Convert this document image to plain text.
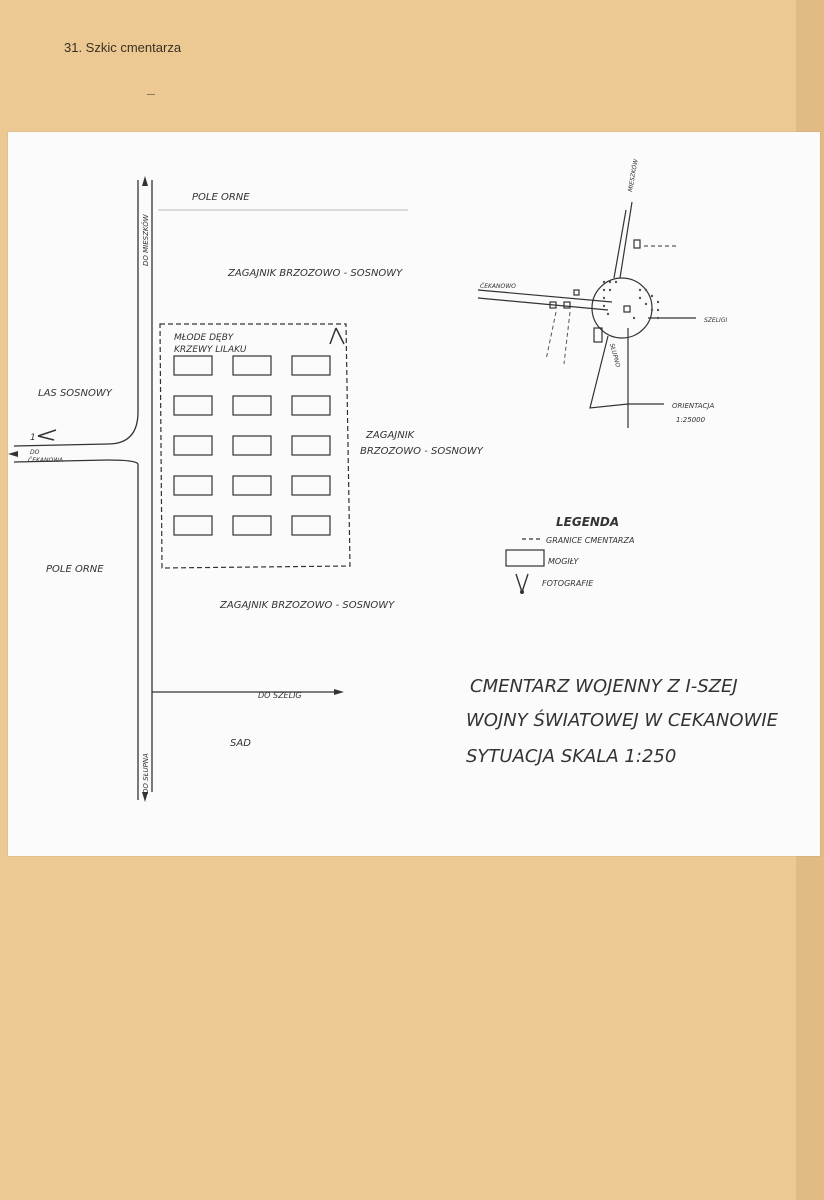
31. Szkic cmentarza
POLE ORNE
ZAGAJNIK BRZOZOWO - SOSNOWY
MŁODE DĘBY
KRZEWY LILAKU
LAS SOSNOWY
1
DO
ĆEKANOWA
ZAGAJNIK
BRZOZOWO - SOSNOWY
POLE ORNE
ZAGAJNIK BRZOZOWO - SOSNOWY
DO SZELIG
SAD
DO MIESZKÓW
DO SŁUPNA
MIESZKÓW
ĆEKANOWO
SZELIGI
SŁUPNO
ORIENTACJA
1:25000
LEGENDA
GRANICE CMENTARZA
MOGIŁY
FOTOGRAFIE
CMENTARZ WOJENNY Z I-SZEJ
WOJNY ŚWIATOWEJ W CEKANOWIE
SYTUACJA SKALA 1:250
